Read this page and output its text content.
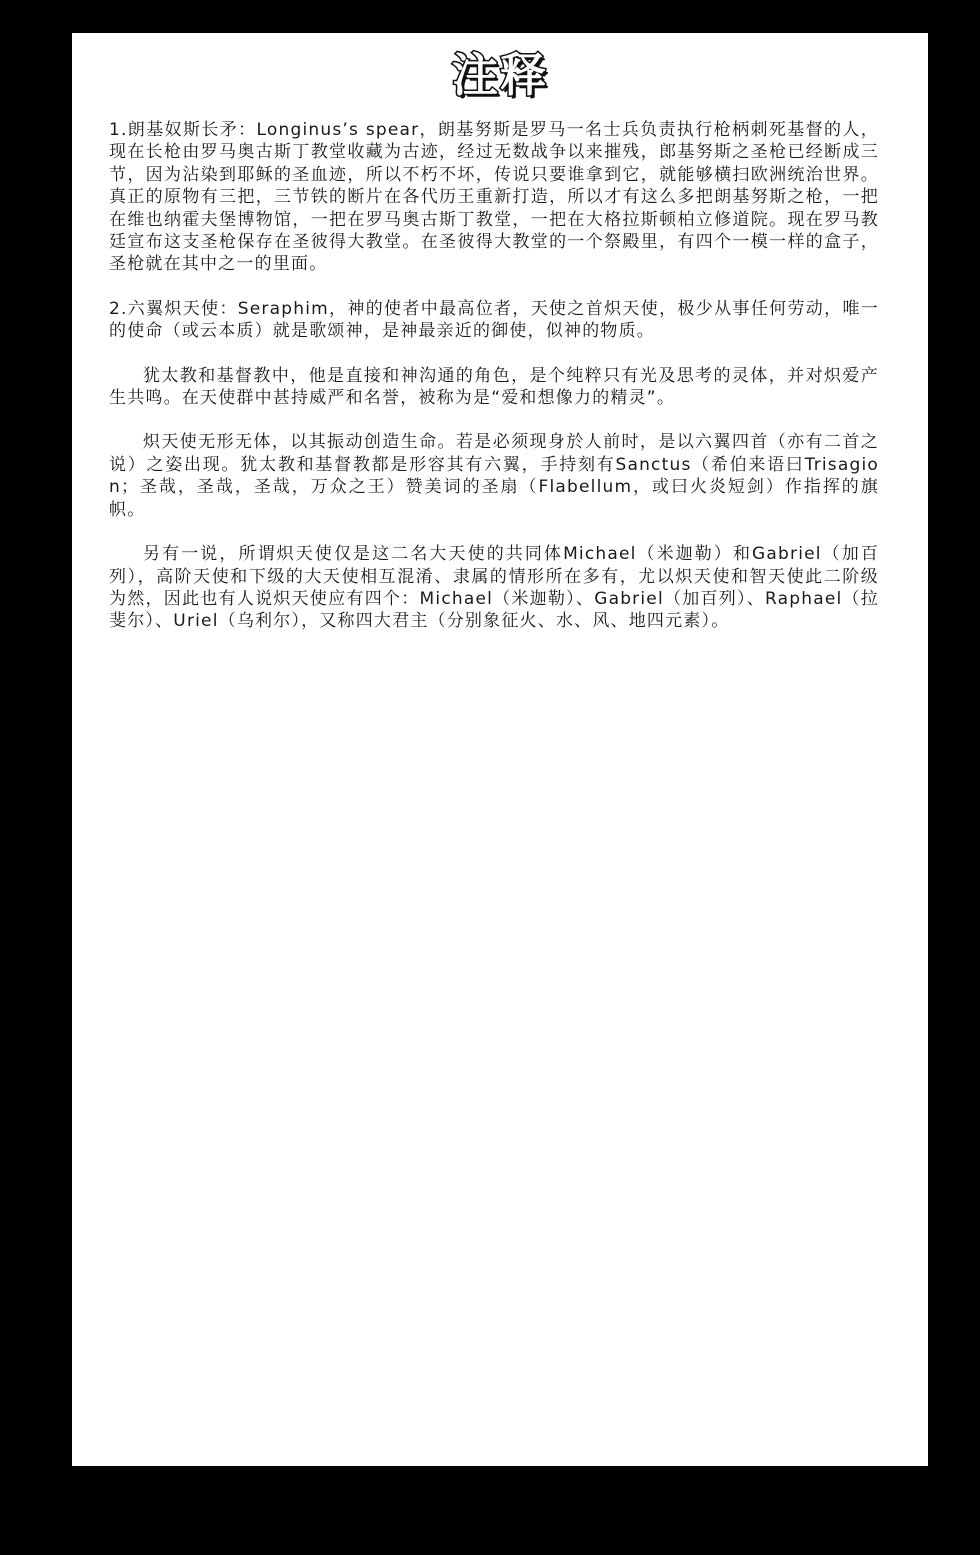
注释

1.朗基奴斯长矛：Longinus’s spear，朗基努斯是罗马一名士兵负责执行枪柄刺死基督的人，现在长枪由罗马奥古斯丁教堂收藏为古迹，经过无数战争以来摧残，郎基努斯之圣枪已经断成三节，因为沾染到耶稣的圣血迹，所以不朽不坏，传说只要谁拿到它，就能够横扫欧洲统治世界。真正的原物有三把，三节铁的断片在各代历王重新打造，所以才有这么多把朗基努斯之枪，一把在维也纳霍夫堡博物馆，一把在罗马奥古斯丁教堂，一把在大格拉斯顿柏立修道院。现在罗马教廷宣布这支圣枪保存在圣彼得大教堂。在圣彼得大教堂的一个祭殿里，有四个一模一样的盒子，圣枪就在其中之一的里面。

2.六翼炽天使：Seraphim，神的使者中最高位者，天使之首炽天使，极少从事任何劳动，唯一的使命（或云本质）就是歌颂神，是神最亲近的御使，似神的物质。

犹太教和基督教中，他是直接和神沟通的角色，是个纯粹只有光及思考的灵体，并对炽爱产生共鸣。在天使群中甚持威严和名誉，被称为是“爱和想像力的精灵”。

炽天使无形无体，以其振动创造生命。若是必须现身於人前时，是以六翼四首（亦有二首之说）之姿出现。犹太教和基督教都是形容其有六翼，手持刻有Sanctus（希伯来语曰Trisagion；圣哉，圣哉，圣哉，万众之王）赞美词的圣扇（Flabellum，或曰火炎短剑）作指挥的旗帜。

另有一说，所谓炽天使仅是这二名大天使的共同体Michael（米迦勒）和Gabriel（加百列），高阶天使和下级的大天使相互混淆、隶属的情形所在多有，尤以炽天使和智天使此二阶级为然，因此也有人说炽天使应有四个：Michael（米迦勒）、Gabriel（加百列）、Raphael（拉斐尔）、Uriel（乌利尔），又称四大君主（分别象征火、水、风、地四元素）。
